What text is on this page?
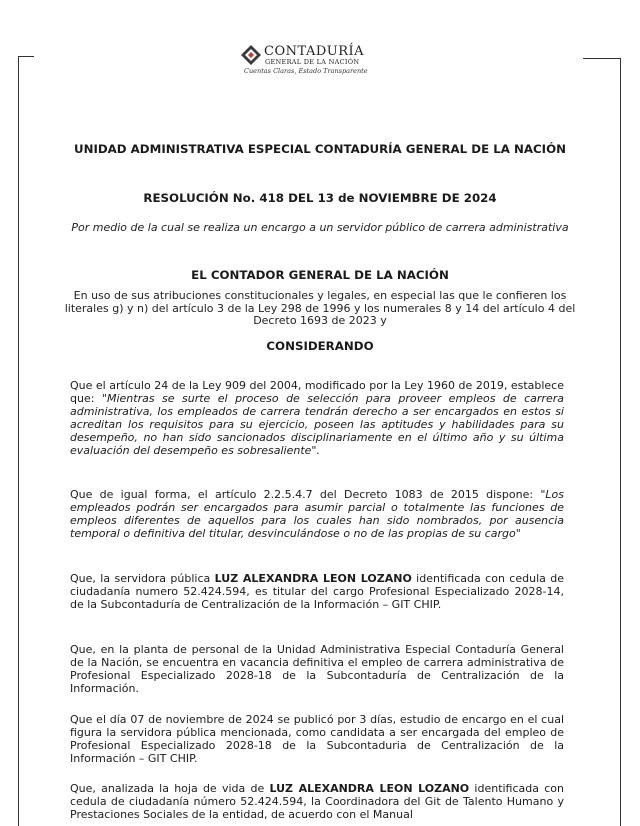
CONTADURÍA
GENERAL DE LA NACIÓN
Cuentas Claras, Estado Transparente
UNIDAD ADMINISTRATIVA ESPECIAL CONTADURÍA GENERAL DE LA NACIÓN
RESOLUCIÓN No. 418 DEL 13 de NOVIEMBRE DE 2024
Por medio de la cual se realiza un encargo a un servidor público de carrera administrativa
EL CONTADOR GENERAL DE LA NACIÓN
En uso de sus atribuciones constitucionales y legales, en especial las que le confieren los literales g) y n) del artículo 3 de la Ley 298 de 1996 y los numerales 8 y 14 del artículo 4 del Decreto 1693 de 2023 y
CONSIDERANDO
Que el artículo 24 de la Ley 909 del 2004, modificado por la Ley 1960 de 2019, establece que: "Mientras se surte el proceso de selección para proveer empleos de carrera administrativa, los empleados de carrera tendrán derecho a ser encargados en estos si acreditan los requisitos para su ejercicio, poseen las aptitudes y habilidades para su desempeño, no han sido sancionados disciplinariamente en el último año y su última evaluación del desempeño es sobresaliente".
Que de igual forma, el artículo 2.2.5.4.7 del Decreto 1083 de 2015 dispone: "Los empleados podrán ser encargados para asumir parcial o totalmente las funciones de empleos diferentes de aquellos para los cuales han sido nombrados, por ausencia temporal o definitiva del titular, desvinculándose o no de las propias de su cargo"
Que, la servidora pública LUZ ALEXANDRA LEON LOZANO identificada con cedula de ciudadanía numero 52.424.594, es titular del cargo Profesional Especializado 2028-14, de la Subcontaduría de Centralización de la Información – GIT CHIP.
Que, en la planta de personal de la Unidad Administrativa Especial Contaduría General de la Nación, se encuentra en vacancia definitiva el empleo de carrera administrativa de Profesional Especializado 2028-18 de la Subcontaduría de Centralización de la Información.
Que el día 07 de noviembre de 2024 se publicó por 3 días, estudio de encargo en el cual figura la servidora pública mencionada, como candidata a ser encargada del empleo de Profesional Especializado 2028-18 de la Subcontaduria de Centralización de la Información – GIT CHIP.
Que, analizada la hoja de vida de LUZ ALEXANDRA LEON LOZANO identificada con cedula de ciudadanía número 52.424.594, la Coordinadora del Git de Talento Humano y Prestaciones Sociales de la entidad, de acuerdo con el Manual
